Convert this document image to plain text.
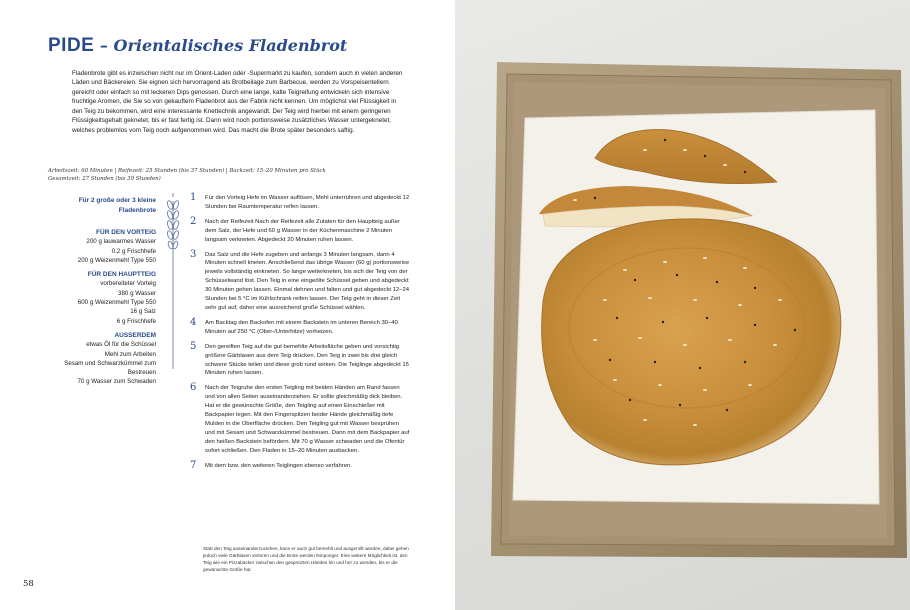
PIDE – Orientalisches Fladenbrot

Fladenbrote gibt es inzwischen nicht nur im Orient-Laden oder -Supermarkt zu kaufen, sondern auch in vielen anderen Läden und Bäckereien. Sie eignen sich hervorragend als Brotbeilage zum Barbecue, werden zu Vorspeisentellern gereicht oder einfach so mit leckeren Dips genossen. Durch eine lange, kalte Teigreifung entwickeln sich intensive fruchtige Aromen, die Sie so von gekauftem Fladenbrot aus der Fabrik nicht kennen. Um möglichst viel Flüssigkeit in den Teig zu bekommen, wird eine interessante Knettechnik angewandt. Der Teig wird hierbei mit einem geringeren Flüssigkeitsgehalt geknetet, bis er fast fertig ist. Dann wird noch portionsweise zusätzliches Wasser untergeknetet, welches problemlos vom Teig noch aufgenommen wird. Das macht die Brote später besonders saftig.

Arbeitszeit: 60 Minuten | Reifezeit: 25 Stunden (bis 37 Stunden) | Backzeit: 15–20 Minuten pro Stück
Gesamtzeit: 27 Stunden (bis 39 Stunden)
Für 2 große oder 3 kleine Fladenbrote
FÜR DEN VORTEIG
200 g lauwarmes Wasser
0,2 g Frischhefe
200 g Weizenmehl Type 550
FÜR DEN HAUPTTEIG
vorbereiteter Vorteig
380 g Wasser
600 g Weizenmehl Type 550
16 g Salz
6 g Frischhefe
AUSSERDEM
etwas Öl für die Schüssel
Mehl zum Arbeiten
Sesam und Schwarzkümmel zum Bestreuen
70 g Wasser zum Schwaden
1 Für den Vorteig Hefe im Wasser auflösen, Mehl unterrühren und abgedeckt 12 Stunden bei Raumtemperatur reifen lassen.
2 Nach der Reifezeit Nach der Reifezeit alle Zutaten für den Hauptteig außer dem Salz, der Hefe und 60 g Wasser in der Küchenmaschine 2 Minuten langsam verkneten. Abgedeckt 20 Minuten ruhen lassen.
3 Das Salz und die Hefe zugeben und anfangs 3 Minuten langsam, dann 4 Minuten schnell kneten. Anschließend das übrige Wasser (60 g) portionsweise jeweils vollständig einkneten. So lange weiterkneten, bis sich der Teig von der Schüsselwand löst. Den Teig in eine eingeölte Schüssel geben und abgedeckt 30 Minuten gehen lassen. Einmal dehnen und falten und gut abgedeckt 12–24 Stunden bei 5 °C im Kühlschrank reifen lassen. Der Teig geht in dieser Zeit sehr gut auf, daher eine ausreichend große Schüssel wählen.
4 Am Backtag den Backofen mit einem Backstein im unteren Bereich 30–40 Minuten auf 250 °C (Ober-/Unterhitze) vorheizen.
5 Den gereiften Teig auf die gut bemehlte Arbeitsfläche geben und vorsichtig größere Gärblasen aus dem Teig drücken. Den Teig in zwei bis drei gleich schwere Stücke teilen und diese grob rund wirken. Die Teiglinge abgedeckt 15 Minuten ruhen lassen.
6 Nach der Teigruhe den ersten Teigling mit beiden Händen am Rand fassen und von allen Seiten auseinanderziehen. Er sollte gleichmäßig dick bleiben. Hat er die gewünschte Größe, den Teigling auf einen Einschießer mit Backpapier legen. Mit den Fingerspitzen beider Hände gleichmäßig tiefe Mulden in die Oberfläche drücken. Den Teigling gut mit Wasser besprühen und mit Sesam und Schwarzkümmel bestreuen. Dann mit dem Backpapier auf den heißen Backstein befördern. Mit 70 g Wasser schwaden und die Ofentür sofort schließen. Den Fladen in 15–20 Minuten ausbacken.
7 Mit dem bzw. den weiteren Teiglingen ebenso verfahren.
Statt den Teig auseinanderzuziehen, kann er auch gut bemehlt und ausgerollt werden, dabei gehen jedoch viele Gärblasen verloren und die Brote werden feinporiger. Eine weitere Möglichkeit ist, den Teig wie ein Pizzabäcker zwischen den gespreizten Händen hin und her zu wenden, bis er die gewünschte Größe hat.
58
